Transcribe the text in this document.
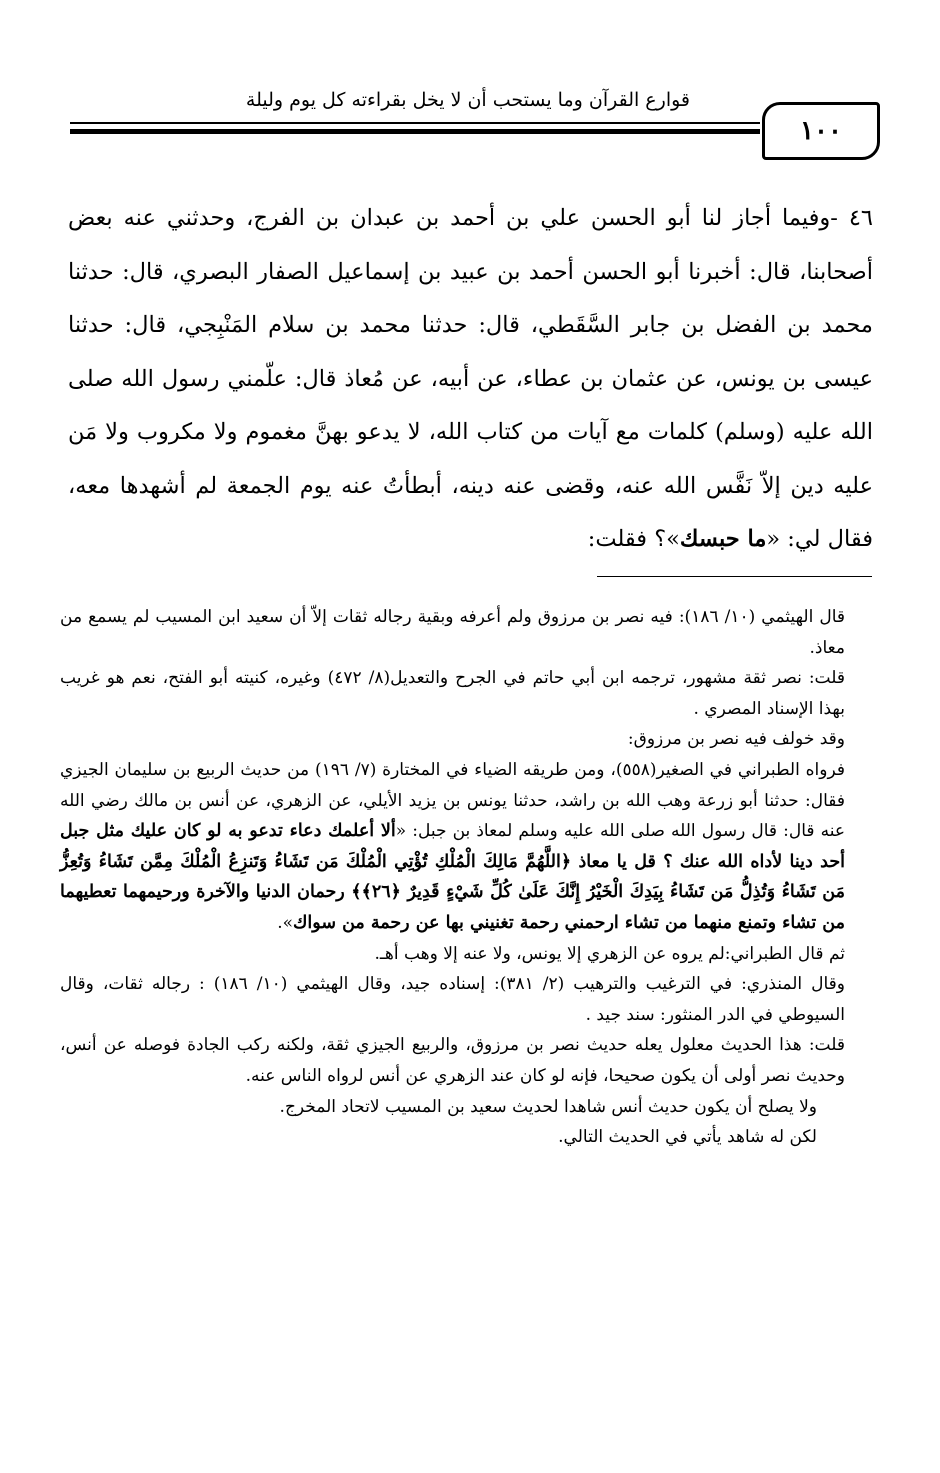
قوارع القرآن وما يستحب أن لا يخل بقراءته كل يوم وليلة
١٠٠

٤٦ -وفيما أجاز لنا أبو الحسن علي بن أحمد بن عبدان بن الفرج، وحدثني عنه بعض أصحابنا، قال: أخبرنا أبو الحسن أحمد بن عبيد بن إسماعيل الصفار البصري، قال: حدثنا محمد بن الفضل بن جابر السَّقَطي، قال: حدثنا محمد بن سلام المَنْبِجي، قال: حدثنا عيسى بن يونس، عن عثمان بن عطاء، عن أبيه، عن مُعاذ قال: علّمني رسول الله صلى الله عليه (وسلم) كلمات مع آيات من كتاب الله، لا يدعو بهنَّ مغموم ولا مكروب ولا مَن عليه دين إلاّ نَفَّس الله عنه، وقضى عنه دينه، أبطأتُ عنه يوم الجمعة لم أشهدها معه، فقال لي: «ما حبسك»؟ فقلت:

قال الهيثمي (١٠/ ١٨٦): فيه نصر بن مرزوق ولم أعرفه وبقية رجاله ثقات إلاّ أن سعيد ابن المسيب لم يسمع من معاذ.

قلت: نصر ثقة مشهور، ترجمه ابن أبي حاتم في الجرح والتعديل(٨/ ٤٧٢) وغيره، كنيته أبو الفتح، نعم هو غريب بهذا الإسناد المصري .

وقد خولف فيه نصر بن مرزوق:

فرواه الطبراني في الصغير(٥٥٨)، ومن طريقه الضياء في المختارة (٧/ ١٩٦) من حديث الربيع بن سليمان الجيزي فقال: حدثنا أبو زرعة وهب الله بن راشد، حدثنا يونس بن يزيد الأيلي، عن الزهري، عن أنس بن مالك رضي الله عنه قال: قال رسول الله صلى الله عليه وسلم لمعاذ بن جبل: «ألا أعلمك دعاء تدعو به لو كان عليك مثل جبل أحد دينا لأداه الله عنك ؟ قل يا معاذ ﴿اللَّهُمَّ مَالِكَ الْمُلْكِ تُؤْتِي الْمُلْكَ مَن تَشَاءُ وَتَنزِعُ الْمُلْكَ مِمَّن تَشَاءُ وَتُعِزُّ مَن تَشَاءُ وَتُذِلُّ مَن تَشَاءُ بِيَدِكَ الْخَيْرُ إِنَّكَ عَلَىٰ كُلِّ شَيْءٍ قَدِيرٌ ﴿٢٦﴾﴾ رحمان الدنيا والآخرة ورحيمهما تعطيهما من تشاء وتمنع منهما من تشاء ارحمني رحمة تغنيني بها عن رحمة من سواك».

ثم قال الطبراني:لم يروه عن الزهري إلا يونس، ولا عنه إلا وهب أهـ.

وقال المنذري: في الترغيب والترهيب (٢/ ٣٨١): إسناده جيد، وقال الهيثمي (١٠/ ١٨٦) : رجاله ثقات، وقال السيوطي في الدر المنثور: سند جيد .

قلت: هذا الحديث معلول يعله حديث نصر بن مرزوق، والربيع الجيزي ثقة، ولكنه ركب الجادة فوصله عن أنس، وحديث نصر أولى أن يكون صحيحا، فإنه لو كان عند الزهري عن أنس لرواه الناس عنه.

ولا يصلح أن يكون حديث أنس شاهدا لحديث سعيد بن المسيب لاتحاد المخرج.

لكن له شاهد يأتي في الحديث التالي.
